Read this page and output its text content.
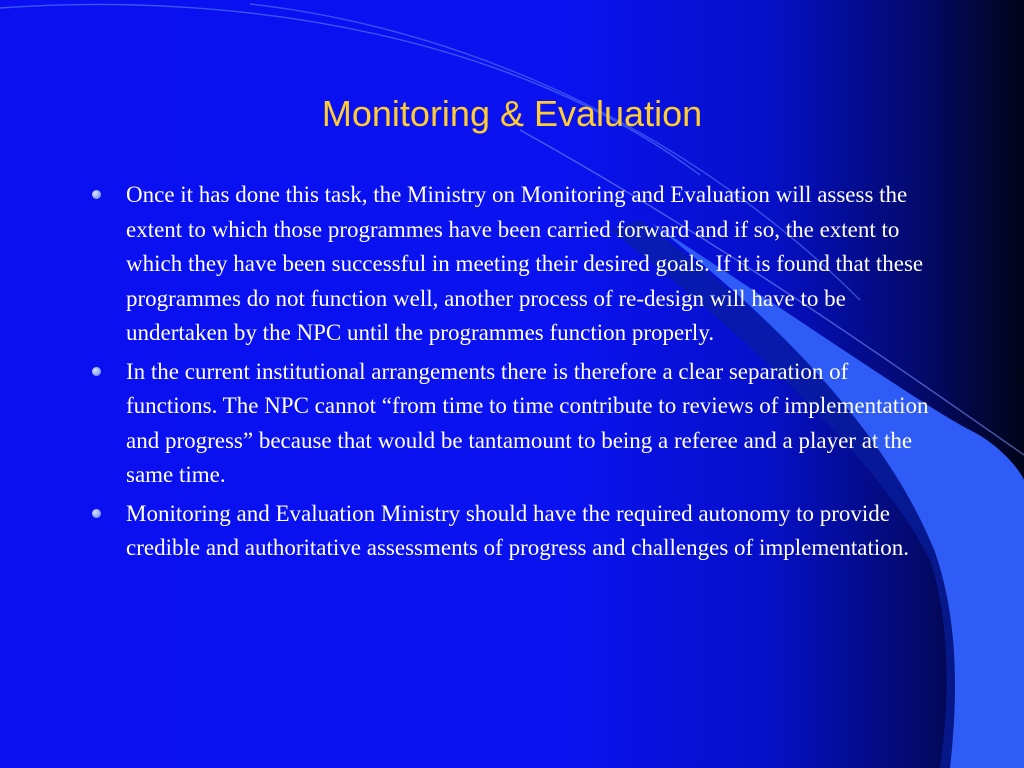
Monitoring & Evaluation
Once it has done this task, the Ministry on Monitoring and Evaluation will assess the extent to which those programmes have been carried forward and if so, the extent to which they have been successful in meeting their desired goals. If it is found that these programmes do not function well, another process of re-design will have to be undertaken by the NPC until the programmes function properly.
In the current institutional arrangements there is therefore a clear separation of functions. The NPC cannot “from time to time contribute to reviews of implementation and progress” because that would be tantamount to being a referee and a player at the same time.
Monitoring and Evaluation Ministry should have the required autonomy to provide credible and authoritative assessments of progress and challenges of implementation.
